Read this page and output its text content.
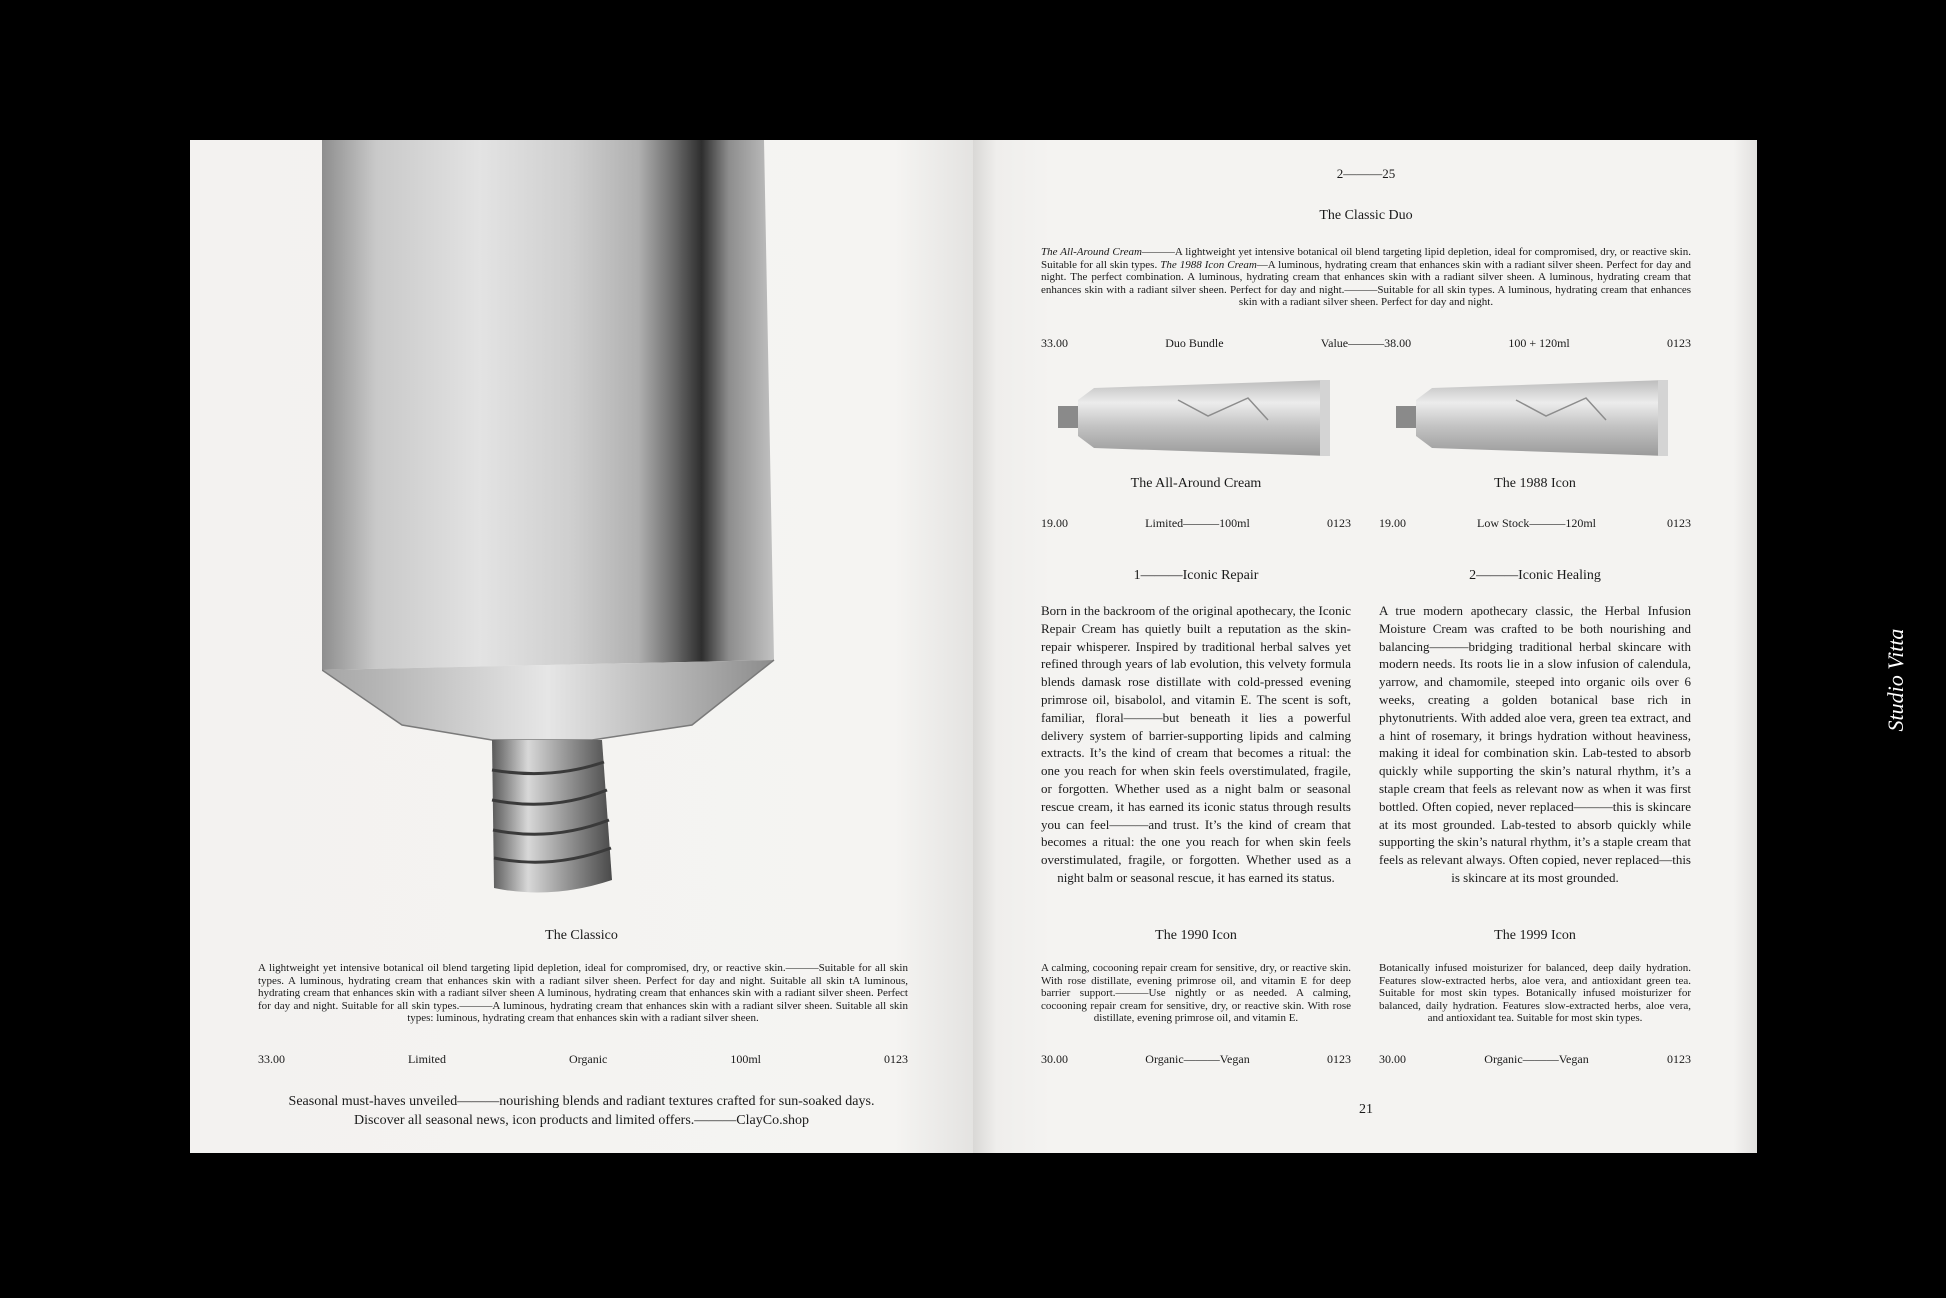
The Classico
A lightweight yet intensive botanical oil blend targeting lipid depletion, ideal for compromised, dry, or reactive skin.———Suitable for all skin types. A luminous, hydrating cream that enhances skin with a radiant silver sheen. Perfect for day and night. Suitable all skin tA luminous, hydrating cream that enhances skin with a radiant silver sheen A luminous, hydrating cream that enhances skin with a radiant silver sheen. Perfect for day and night. Suitable for all skin types.———A luminous, hydrating cream that enhances skin with a radiant silver sheen. Suitable all skin types: luminous, hydrating cream that enhances skin with a radiant silver sheen.
33.00	Limited	Organic	100ml	0123
Seasonal must-haves unveiled———nourishing blends and radiant textures crafted for sun-soaked days.
Discover all seasonal news, icon products and limited offers.———ClayCo.shop
2———25
The Classic Duo
The All-Around Cream———A lightweight yet intensive botanical oil blend targeting lipid depletion, ideal for compromised, dry, or reactive skin. Suitable for all skin types. The 1988 Icon Cream—A luminous, hydrating cream that enhances skin with a radiant silver sheen. Perfect for day and night. The perfect combination. A luminous, hydrating cream that enhances skin with a radiant silver sheen. A luminous, hydrating cream that enhances skin with a radiant silver sheen. Perfect for day and night.———Suitable for all skin types. A luminous, hydrating cream that enhances skin with a radiant silver sheen. Perfect for day and night.
33.00	Duo Bundle	Value———38.00	100 + 120ml	0123
The All-Around Cream
19.00	Limited———100ml	0123
The 1988 Icon
19.00	Low Stock———120ml	0123
1———Iconic Repair
Born in the backroom of the original apothecary, the Iconic Repair Cream has quietly built a reputation as the skin-repair whisperer. Inspired by traditional herbal salves yet refined through years of lab evolution, this velvety formula blends damask rose distillate with cold-pressed evening primrose oil, bisabolol, and vitamin E. The scent is soft, familiar, floral———but beneath it lies a powerful delivery system of barrier-supporting lipids and calming extracts. It’s the kind of cream that becomes a ritual: the one you reach for when skin feels overstimulated, fragile, or forgotten. Whether used as a night balm or seasonal rescue cream, it has earned its iconic status through results you can feel———and trust. It’s the kind of cream that becomes a ritual: the one you reach for when skin feels overstimulated, fragile, or forgotten. Whether used as a night balm or seasonal rescue, it has earned its status.
2———Iconic Healing
A true modern apothecary classic, the Herbal Infusion Moisture Cream was crafted to be both nourishing and balancing———bridging traditional herbal skincare with modern needs. Its roots lie in a slow infusion of calendula, yarrow, and chamomile, steeped into organic oils over 6 weeks, creating a golden botanical base rich in phytonutrients. With added aloe vera, green tea extract, and a hint of rosemary, it brings hydration without heaviness, making it ideal for combination skin. Lab-tested to absorb quickly while supporting the skin’s natural rhythm, it’s a staple cream that feels as relevant now as when it was first bottled. Often copied, never replaced———this is skincare at its most grounded. Lab-tested to absorb quickly while supporting the skin’s natural rhythm, it’s a staple cream that feels as relevant always. Often copied, never replaced—this is skincare at its most grounded.
The 1990 Icon
A calming, cocooning repair cream for sensitive, dry, or reactive skin. With rose distillate, evening primrose oil, and vitamin E for deep barrier support.———Use nightly or as needed. A calming, cocooning repair cream for sensitive, dry, or reactive skin. With rose distillate, evening primrose oil, and vitamin E.
30.00	Organic———Vegan	0123
The 1999 Icon
Botanically infused moisturizer for balanced, deep daily hydration. Features slow-extracted herbs, aloe vera, and antioxidant green tea. Suitable for most skin types. Botanically infused moisturizer for balanced, daily hydration. Features slow-extracted herbs, aloe vera, and antioxidant tea. Suitable for most skin types.
30.00	Organic———Vegan	0123
21
Studio Vitta
